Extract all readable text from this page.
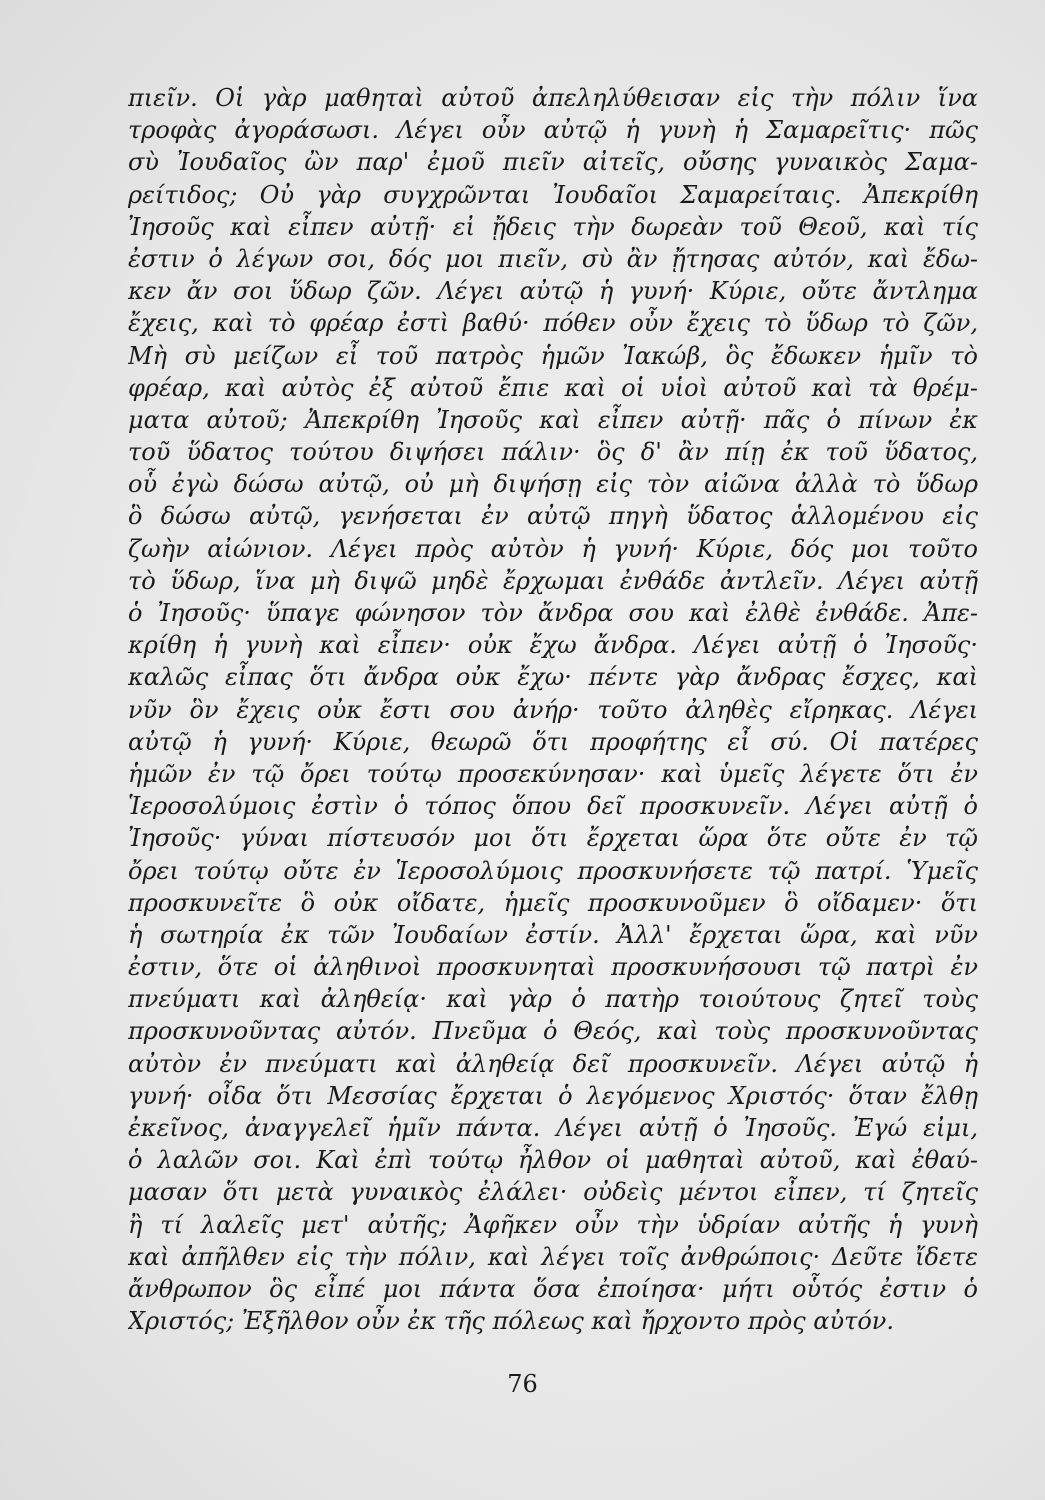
πιεῖν. Οἱ γὰρ μαθηταὶ αὐτοῦ ἀπεληλύθεισαν εἰς τὴν πόλιν ἵνα
τροφὰς ἀγοράσωσι. Λέγει οὖν αὐτῷ ἡ γυνὴ ἡ Σαμαρεῖτις· πῶς
σὺ Ἰουδαῖος ὢν παρ' ἐμοῦ πιεῖν αἰτεῖς, οὔσης γυναικὸς Σαμα-
ρείτιδος; Οὐ γὰρ συγχρῶνται Ἰουδαῖοι Σαμαρείταις. Ἀπεκρίθη
Ἰησοῦς καὶ εἶπεν αὐτῇ· εἰ ᾔδεις τὴν δωρεὰν τοῦ Θεοῦ, καὶ τίς
ἐστιν ὁ λέγων σοι, δός μοι πιεῖν, σὺ ἂν ᾔτησας αὐτόν, καὶ ἔδω-
κεν ἄν σοι ὕδωρ ζῶν. Λέγει αὐτῷ ἡ γυνή· Κύριε, οὔτε ἄντλημα
ἔχεις, καὶ τὸ φρέαρ ἐστὶ βαθύ· πόθεν οὖν ἔχεις τὸ ὕδωρ τὸ ζῶν,
Μὴ σὺ μείζων εἶ τοῦ πατρὸς ἡμῶν Ἰακώβ, ὃς ἔδωκεν ἡμῖν τὸ
φρέαρ, καὶ αὐτὸς ἐξ αὐτοῦ ἔπιε καὶ οἱ υἱοὶ αὐτοῦ καὶ τὰ θρέμ-
ματα αὐτοῦ; Ἀπεκρίθη Ἰησοῦς καὶ εἶπεν αὐτῇ· πᾶς ὁ πίνων ἐκ
τοῦ ὕδατος τούτου διψήσει πάλιν· ὃς δ' ἂν πίῃ ἐκ τοῦ ὕδατος,
οὗ ἐγὼ δώσω αὐτῷ, οὐ μὴ διψήσῃ εἰς τὸν αἰῶνα ἀλλὰ τὸ ὕδωρ
ὃ δώσω αὐτῷ, γενήσεται ἐν αὐτῷ πηγὴ ὕδατος ἁλλομένου εἰς
ζωὴν αἰώνιον. Λέγει πρὸς αὐτὸν ἡ γυνή· Κύριε, δός μοι τοῦτο
τὸ ὕδωρ, ἵνα μὴ διψῶ μηδὲ ἔρχωμαι ἐνθάδε ἀντλεῖν. Λέγει αὐτῇ
ὁ Ἰησοῦς· ὕπαγε φώνησον τὸν ἄνδρα σου καὶ ἐλθὲ ἐνθάδε. Ἀπε-
κρίθη ἡ γυνὴ καὶ εἶπεν· οὐκ ἔχω ἄνδρα. Λέγει αὐτῇ ὁ Ἰησοῦς·
καλῶς εἶπας ὅτι ἄνδρα οὐκ ἔχω· πέντε γὰρ ἄνδρας ἔσχες, καὶ
νῦν ὃν ἔχεις οὐκ ἔστι σου ἀνήρ· τοῦτο ἀληθὲς εἴρηκας. Λέγει
αὐτῷ ἡ γυνή· Κύριε, θεωρῶ ὅτι προφήτης εἶ σύ. Οἱ πατέρες
ἡμῶν ἐν τῷ ὄρει τούτῳ προσεκύνησαν· καὶ ὑμεῖς λέγετε ὅτι ἐν
Ἱεροσολύμοις ἐστὶν ὁ τόπος ὅπου δεῖ προσκυνεῖν. Λέγει αὐτῇ ὁ
Ἰησοῦς· γύναι πίστευσόν μοι ὅτι ἔρχεται ὥρα ὅτε οὔτε ἐν τῷ
ὄρει τούτῳ οὔτε ἐν Ἱεροσολύμοις προσκυνήσετε τῷ πατρί. Ὑμεῖς
προσκυνεῖτε ὃ οὐκ οἴδατε, ἡμεῖς προσκυνοῦμεν ὃ οἴδαμεν· ὅτι
ἡ σωτηρία ἐκ τῶν Ἰουδαίων ἐστίν. Ἀλλ' ἔρχεται ὥρα, καὶ νῦν
ἐστιν, ὅτε οἱ ἀληθινοὶ προσκυνηταὶ προσκυνήσουσι τῷ πατρὶ ἐν
πνεύματι καὶ ἀληθείᾳ· καὶ γὰρ ὁ πατὴρ τοιούτους ζητεῖ τοὺς
προσκυνοῦντας αὐτόν. Πνεῦμα ὁ Θεός, καὶ τοὺς προσκυνοῦντας
αὐτὸν ἐν πνεύματι καὶ ἀληθείᾳ δεῖ προσκυνεῖν. Λέγει αὐτῷ ἡ
γυνή· οἶδα ὅτι Μεσσίας ἔρχεται ὁ λεγόμενος Χριστός· ὅταν ἔλθῃ
ἐκεῖνος, ἀναγγελεῖ ἡμῖν πάντα. Λέγει αὐτῇ ὁ Ἰησοῦς. Ἐγώ εἰμι,
ὁ λαλῶν σοι. Καὶ ἐπὶ τούτῳ ἦλθον οἱ μαθηταὶ αὐτοῦ, καὶ ἐθαύ-
μασαν ὅτι μετὰ γυναικὸς ἐλάλει· οὐδεὶς μέντοι εἶπεν, τί ζητεῖς
ἢ τί λαλεῖς μετ' αὐτῆς; Ἀφῆκεν οὖν τὴν ὑδρίαν αὐτῆς ἡ γυνὴ
καὶ ἀπῆλθεν εἰς τὴν πόλιν, καὶ λέγει τοῖς ἀνθρώποις· Δεῦτε ἴδετε
ἄνθρωπον ὃς εἶπέ μοι πάντα ὅσα ἐποίησα· μήτι οὗτός ἐστιν ὁ
Χριστός; Ἐξῆλθον οὖν ἐκ τῆς πόλεως καὶ ἤρχοντο πρὸς αὐτόν.
76
